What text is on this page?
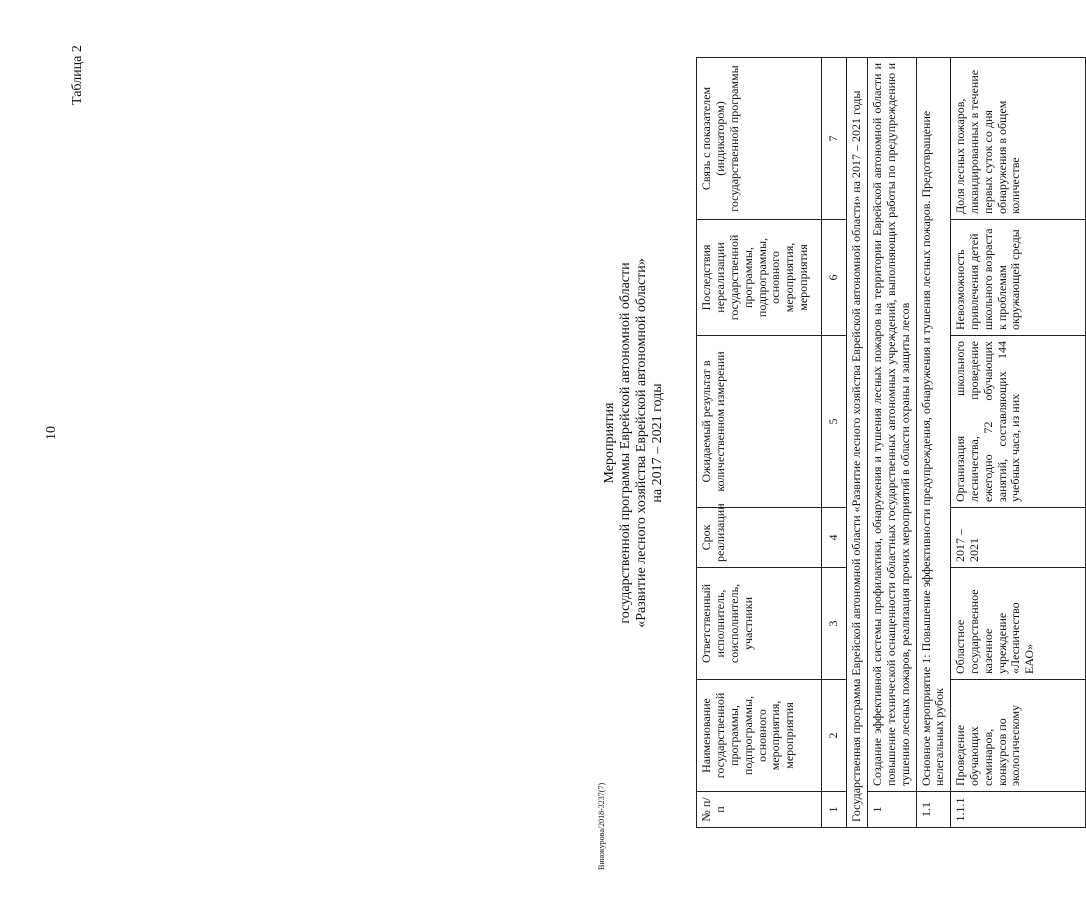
10
Таблица 2
Мероприятия государственной программы Еврейской автономной области «Развитие лесного хозяйства Еврейской автономной области» на 2017 – 2021 годы
№ п/п	Наименование государственной программы, подпрограммы, основного мероприятия, мероприятия	Ответственный исполнитель, соисполнитель, участники	Срок реализации	Ожидаемый результат в количественном измерении	Последствия нереализации государственной программы, подпрограммы, основного мероприятия, мероприятия	Связь с показателем (индикатором) государственной программы
1	2	3	4	5	6	7
Государственная программа Еврейской автономной области «Развитие лесного хозяйства Еврейской автономной области» на 2017 – 2021 годы						
1	Создание эффективной системы профилактики, обнаружения и тушения лесных пожаров на территории Еврейской автономной области и повышение технической оснащенности областных государственных автономных учреждений, выполняющих работы по предупреждению и тушению лесных пожаров, реализация прочих мероприятий в области охраны и защиты лесов					
1.1	Основное мероприятие 1: Повышение эффективности предупреждения, обнаружения и тушения лесных пожаров. Предотвращение нелегальных рубок					
1.1.1	Проведение обучающих семинаров, конкурсов по экологическому	Областное государственное казенное учреждение «Лесничество ЕАО»	2017 – 2021	Организация школьного лесничества, проведение ежегодно 72 обучающих занятий, составляющих 144 учебных часа, из них	Невозможность привлечения детей школьного возраста к проблемам окружающей среды	Доля лесных пожаров, ликвидированных в течение первых суток со дня обнаружения в общем количестве
Винокурова/2018-3237(7)
